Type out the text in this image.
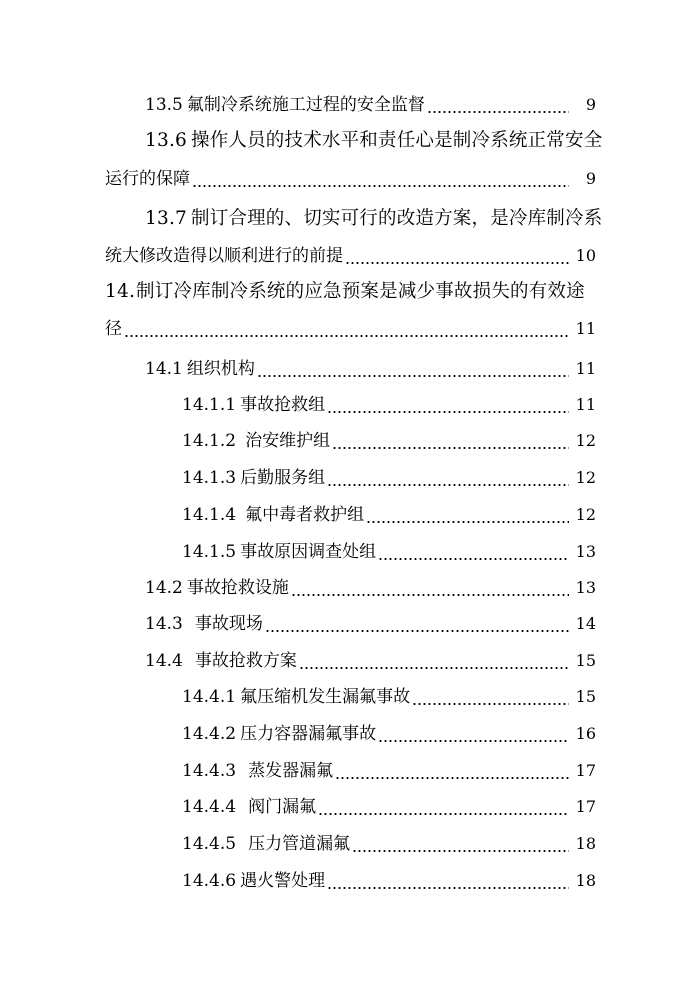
13.5 氟制冷系统施工过程的安全监督	9
13.6 操作人员的技术水平和责任心是制冷系统正常安全
运行的保障	9
13.7 制订合理的、切实可行的改造方案，是冷库制冷系
统大修改造得以顺利进行的前提	10
14. 制订冷库制冷系统的应急预案是减少事故损失的有效途
径	11
14.1 组织机构	11
14.1.1 事故抢救组	11
14.1.2 治安维护组	12
14.1.3 后勤服务组	12
14.1.4 氟中毒者救护组	12
14.1.5 事故原因调查处组	13
14.2 事故抢救设施	13
14.3 事故现场	14
14.4 事故抢救方案	15
14.4.1 氟压缩机发生漏氟事故	15
14.4.2 压力容器漏氟事故	16
14.4.3 蒸发器漏氟	17
14.4.4 阀门漏氟	17
14.4.5 压力管道漏氟	18
14.4.6 遇火警处理	18
